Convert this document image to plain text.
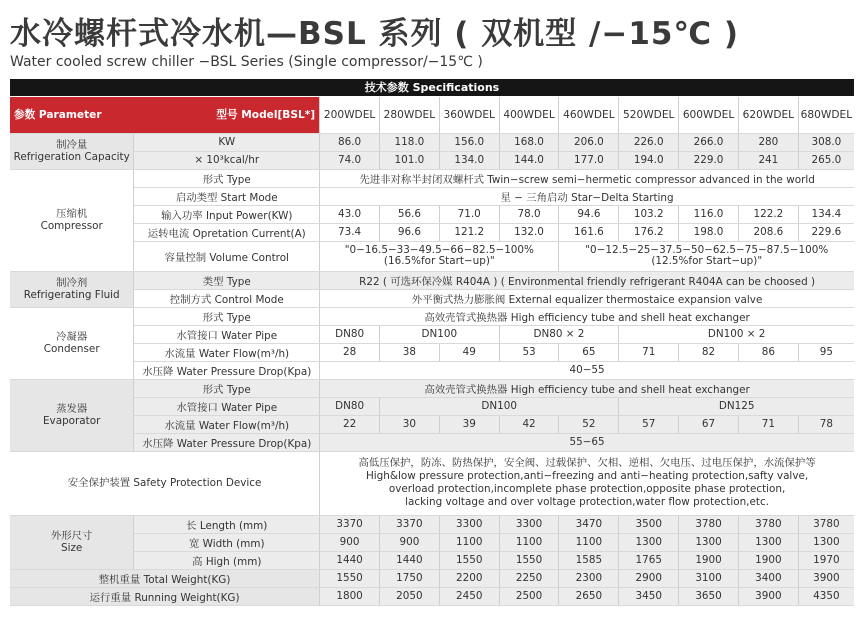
水冷螺杆式冷水机—BSL 系列 ( 双机型 /−15℃ )
Water cooled screw chiller −BSL Series (Single compressor/−15℃ )
技术参数 Specifications
参数 Parameter	型号 Model[BSL*]	200WDEL	280WDEL	360WDEL	400WDEL	460WDEL	520WDEL	600WDEL	620WDEL	680WDEL
制冷量
Refrigeration Capacity	KW	86.0	118.0	156.0	168.0	206.0	226.0	266.0	280	308.0
	× 10³kcal/hr	74.0	101.0	134.0	144.0	177.0	194.0	229.0	241	265.0
压缩机
Compressor	形式 Type	先进非对称半封闭双螺杆式 Twin−screw semi−hermetic compressor advanced in the world								
	启动类型 Start Mode	星 − 三角启动 Star−Delta Starting								
	输入功率 Input Power(KW)	43.0	56.6	71.0	78.0	94.6	103.2	116.0	122.2	134.4
	运转电流 Opretation Current(A)	73.4	96.6	121.2	132.0	161.6	176.2	198.0	208.6	229.6
	容量控制 Volume Control	"0−16.5−33−49.5−66−82.5−100%
(16.5%for Start−up)"				"0−12.5−25−37.5−50−62.5−75−87.5−100%
(12.5%for Start−up)"				
制冷剂
Refrigerating Fluid	类型 Type	R22 ( 可选环保冷媒 R404A ) ( Environmental friendly refrigerant R404A can be choosed )								
	控制方式 Control Mode	外平衡式热力膨胀阀 External equalizer thermostaice expansion valve								
冷凝器
Condenser	形式 Type	高效壳管式换热器 High efficiency tube and shell heat exchanger								
	水管接口 Water Pipe	DN80	DN100		DN80 × 2		DN100 × 2			
	水流量 Water Flow(m³/h)	28	38	49	53	65	71	82	86	95
	水压降 Water Pressure Drop(Kpa)	40−55								
蒸发器
Evaporator	形式 Type	高效壳管式换热器 High efficiency tube and shell heat exchanger								
	水管接口 Water Pipe	DN80	DN100				DN125			
	水流量 Water Flow(m³/h)	22	30	39	42	52	57	67	71	78
	水压降 Water Pressure Drop(Kpa)	55−65								
安全保护装置 Safety Protection Device		高低压保护，防冻、防热保护，安全阀、过载保护、欠相、逆相、欠电压、过电压保护，水流保护等
High&low pressure protection,anti−freezing and anti−heating protection,safty valve,
overload protection,incomplete phase protection,opposite phase protection,
lacking voltage and over voltage protection,water flow protection,etc.								

外形尺寸
Size	长 Length (mm)	3370	3370	3300	3300	3470	3500	3780	3780	3780
	宽 Width (mm)	900	900	1100	1100	1100	1300	1300	1300	1300
	高 High (mm)	1440	1440	1550	1550	1585	1765	1900	1900	1970
整机重量 Total Weight(KG)		1550	1750	2200	2250	2300	2900	3100	3400	3900
运行重量 Running Weight(KG)		1800	2050	2450	2500	2650	3450	3650	3900	4350
